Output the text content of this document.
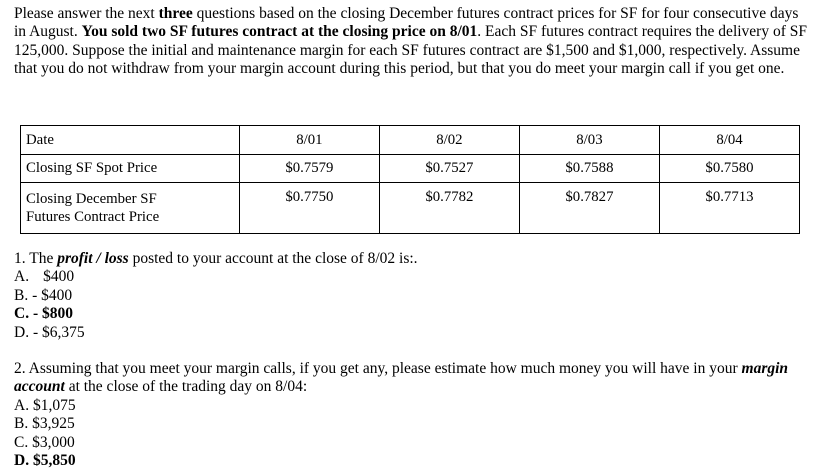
Please answer the next three questions based on the closing December futures contract prices for SF for four consecutive days in August. You sold two SF futures contract at the closing price on 8/01. Each SF futures contract requires the delivery of SF 125,000. Suppose the initial and maintenance margin for each SF futures contract are $1,500 and $1,000, respectively. Assume that you do not withdraw from your margin account during this period, but that you do meet your margin call if you get one.

Date	8/01	8/02	8/03	8/04
Closing SF Spot Price	$0.7579	$0.7527	$0.7588	$0.7580
Closing December SF
Futures Contract Price	$0.7750	$0.7782	$0.7827	$0.7713
1. The profit / loss posted to your account at the close of 8/02 is:.
A. $400
B. - $400
C. - $800
D. - $6,375
2. Assuming that you meet your margin calls, if you get any, please estimate how much money you will have in your margin account at the close of the trading day on 8/04:
A. $1,075
B. $3,925
C. $3,000
D. $5,850
